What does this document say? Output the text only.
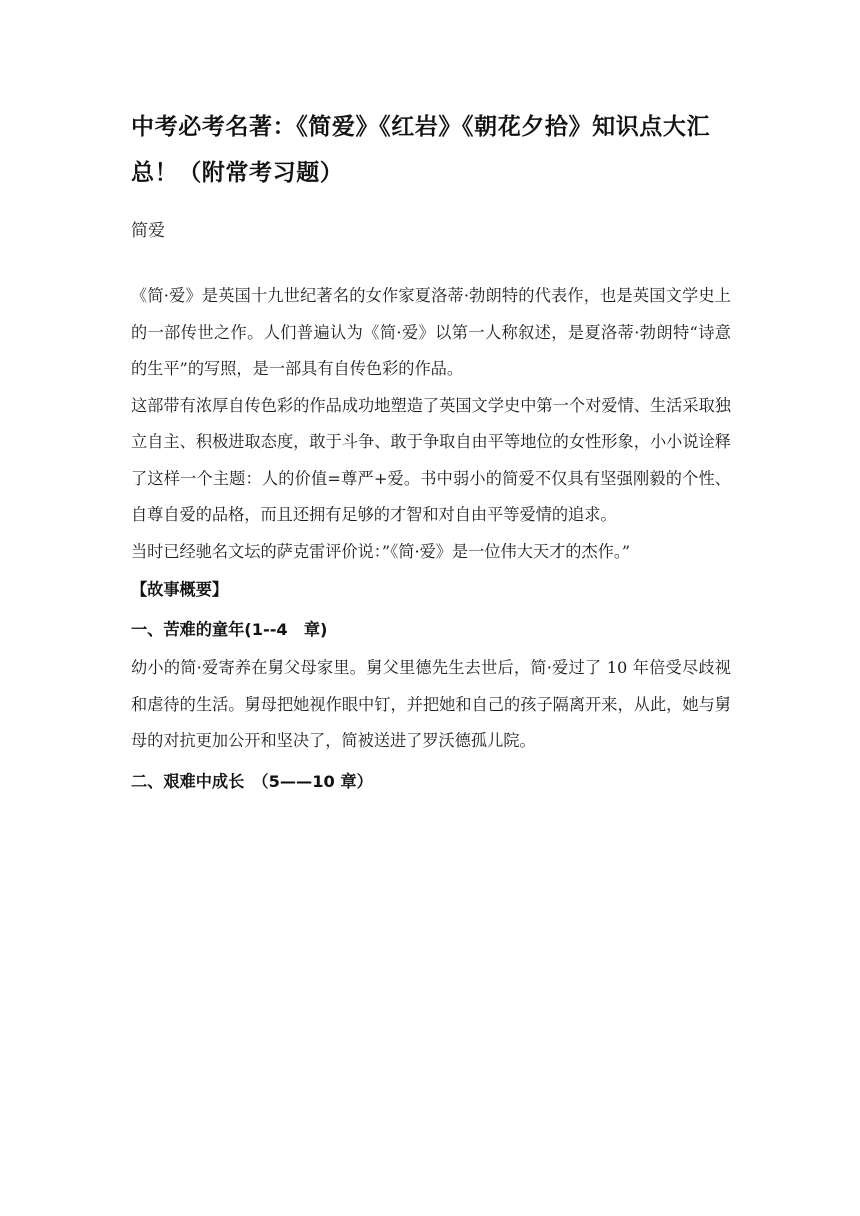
中考必考名著：《简爱》《红岩》《朝花夕拾》知识点大汇总！（附常考习题）

简爱

《简·爱》是英国十九世纪著名的女作家夏洛蒂·勃朗特的代表作，也是英国文学史上的一部传世之作。人们普遍认为《简·爱》以第一人称叙述，是夏洛蒂·勃朗特“诗意的生平”的写照，是一部具有自传色彩的作品。

这部带有浓厚自传色彩的作品成功地塑造了英国文学史中第一个对爱情、生活采取独立自主、积极进取态度，敢于斗争、敢于争取自由平等地位的女性形象，小小说诠释了这样一个主题：人的价值=尊严+爱。书中弱小的简爱不仅具有坚强刚毅的个性、自尊自爱的品格，而且还拥有足够的才智和对自由平等爱情的追求。

当时已经驰名文坛的萨克雷评价说：”《简·爱》是一位伟大天才的杰作。”

【故事概要】
一、苦难的童年(1--4　章)

幼小的简·爱寄养在舅父母家里。舅父里德先生去世后，简·爱过了 10 年倍受尽歧视和虐待的生活。舅母把她视作眼中钉，并把她和自己的孩子隔离开来，从此，她与舅母的对抗更加公开和坚决了，简被送进了罗沃德孤儿院。

二、艰难中成长　（5——10 章）
